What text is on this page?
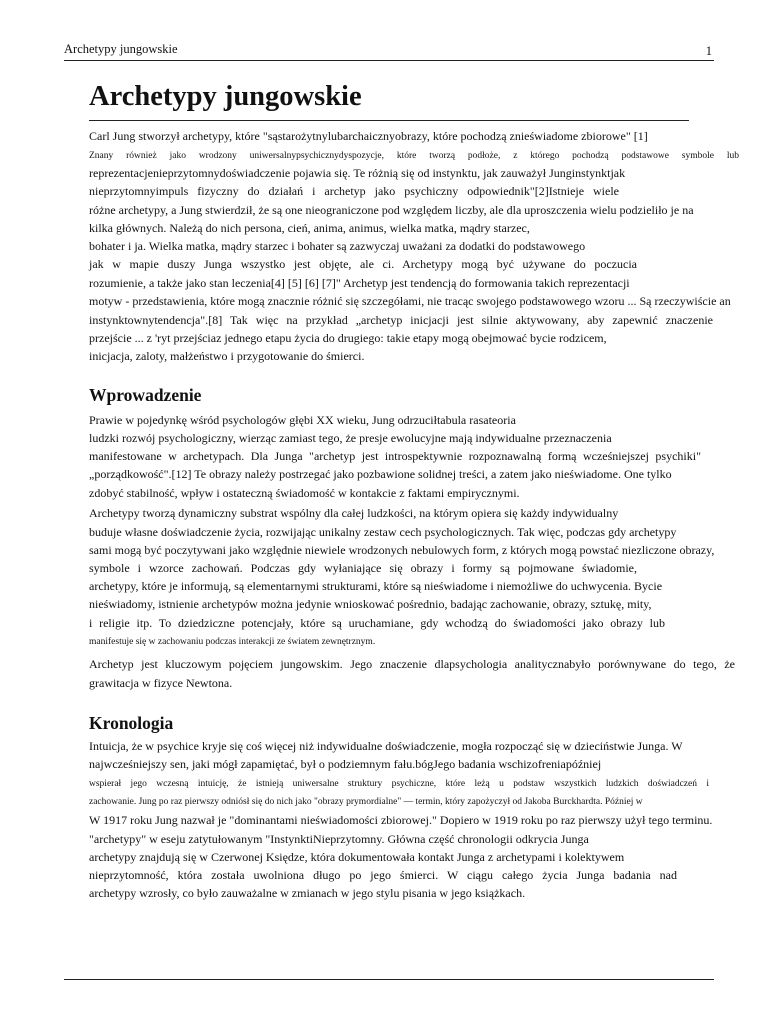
Archetypy jungowskie	1
Archetypy jungowskie
Carl Jung stworzył archetypy, które "sąstarożytnylubarchaicznyobrazy, które pochodzą znieświadome zbiorowe" [1]
Znany również jako wrodzony uniwersalnypsychicznydyspozycje, które tworzą podłoże, z którego pochodzą podstawowe symbole lub
reprezentacjenieprzytomnydoświadczenie pojawia się. Te różnią się od instynktu, jak zauważył Junginstynktjak
nieprzytomnyimpuls fizyczny do działań i archetyp jako psychiczny odpowiednik"[2]Istnieje wiele
różne archetypy, a Jung stwierdził, że są one nieograniczone pod względem liczby, ale dla uproszczenia wielu podzieliło je na
kilka głównych. Należą do nich persona, cień, anima, animus, wielka matka, mądry starzec,
bohater i ja. Wielka matka, mądry starzec i bohater są zazwyczaj uważani za dodatki do podstawowego
jak w mapie duszy Junga wszystko jest objęte, ale ci. Archetypy mogą być używane do poczucia
rozumienie, a także jako stan leczenia[4] [5] [6] [7]" Archetyp jest tendencją do formowania takich reprezentacji
motyw - przedstawienia, które mogą znacznie różnić się szczegółami, nie tracąc swojego podstawowego wzoru ... Są rzeczywiście an
instynktownytendencja".[8] Tak więc na przykład „archetyp inicjacji jest silnie aktywowany, aby zapewnić znaczenie
przejście ... z 'ryt przejściaz jednego etapu życia do drugiego: takie etapy mogą obejmować bycie rodzicem,
inicjacja, zaloty, małżeństwo i przygotowanie do śmierci.
Wprowadzenie
Prawie w pojedynkę wśród psychologów głębi XX wieku, Jung odrzuciłtabula rasateoria
ludzki rozwój psychologiczny, wierząc zamiast tego, że presje ewolucyjne mają indywidualne przeznaczenia
manifestowane w archetypach. Dla Junga "archetyp jest introspektywnie rozpoznawalną formą wcześniejszej psychiki"
„porządkowość".[12] Te obrazy należy postrzegać jako pozbawione solidnej treści, a zatem jako nieświadome. One tylko
zdobyć stabilność, wpływ i ostateczną świadomość w kontakcie z faktami empirycznymi.
Archetypy tworzą dynamiczny substrat wspólny dla całej ludzkości, na którym opiera się każdy indywidualny
buduje własne doświadczenie życia, rozwijając unikalny zestaw cech psychologicznych. Tak więc, podczas gdy archetypy
sami mogą być poczytywani jako względnie niewiele wrodzonych nebulowych form, z których mogą powstać niezliczone obrazy,
symbole i wzorce zachowań. Podczas gdy wyłaniające się obrazy i formy są pojmowane świadomie,
archetypy, które je informują, są elementarnymi strukturami, które są nieświadome i niemożliwe do uchwycenia. Bycie
nieświadomy, istnienie archetypów można jedynie wnioskować pośrednio, badając zachowanie, obrazy, sztukę, mity,
i religie itp. To dziedziczne potencjały, które są uruchamiane, gdy wchodzą do świadomości jako obrazy lub
manifestuje się w zachowaniu podczas interakcji ze światem zewnętrznym.
Archetyp jest kluczowym pojęciem jungowskim. Jego znaczenie dlapsychologia analitycznabyło porównywane do tego, że
grawitacja w fizyce Newtona.
Kronologia
Intuicja, że w psychice kryje się coś więcej niż indywidualne doświadczenie, mogła rozpocząć się w dzieciństwie Junga. W
najwcześniejszy sen, jaki mógł zapamiętać, był o podziemnym fału.bógJego badania wschizofreniapóźniej
wspierał jego wczesną intuicję, że istnieją uniwersalne struktury psychiczne, które leżą u podstaw wszystkich ludzkich doświadczeń i
zachowanie. Jung po raz pierwszy odniósł się do nich jako "obrazy prymordialne" — termin, który zapożyczył od Jakoba Burckhardta. Później w
W 1917 roku Jung nazwał je "dominantami nieświadomości zbiorowej." Dopiero w 1919 roku po raz pierwszy użył tego terminu.
"archetypy" w eseju zatytułowanym "InstynktiNieprzytomny. Główna część chronologii odkrycia Junga
archetypy znajdują się w Czerwonej Księdze, która dokumentowała kontakt Junga z archetypami i kolektywem
nieprzytomność, która została uwolniona długo po jego śmierci. W ciągu całego życia Junga badania nad
archetypy wzrosły, co było zauważalne w zmianach w jego stylu pisania w jego książkach.
